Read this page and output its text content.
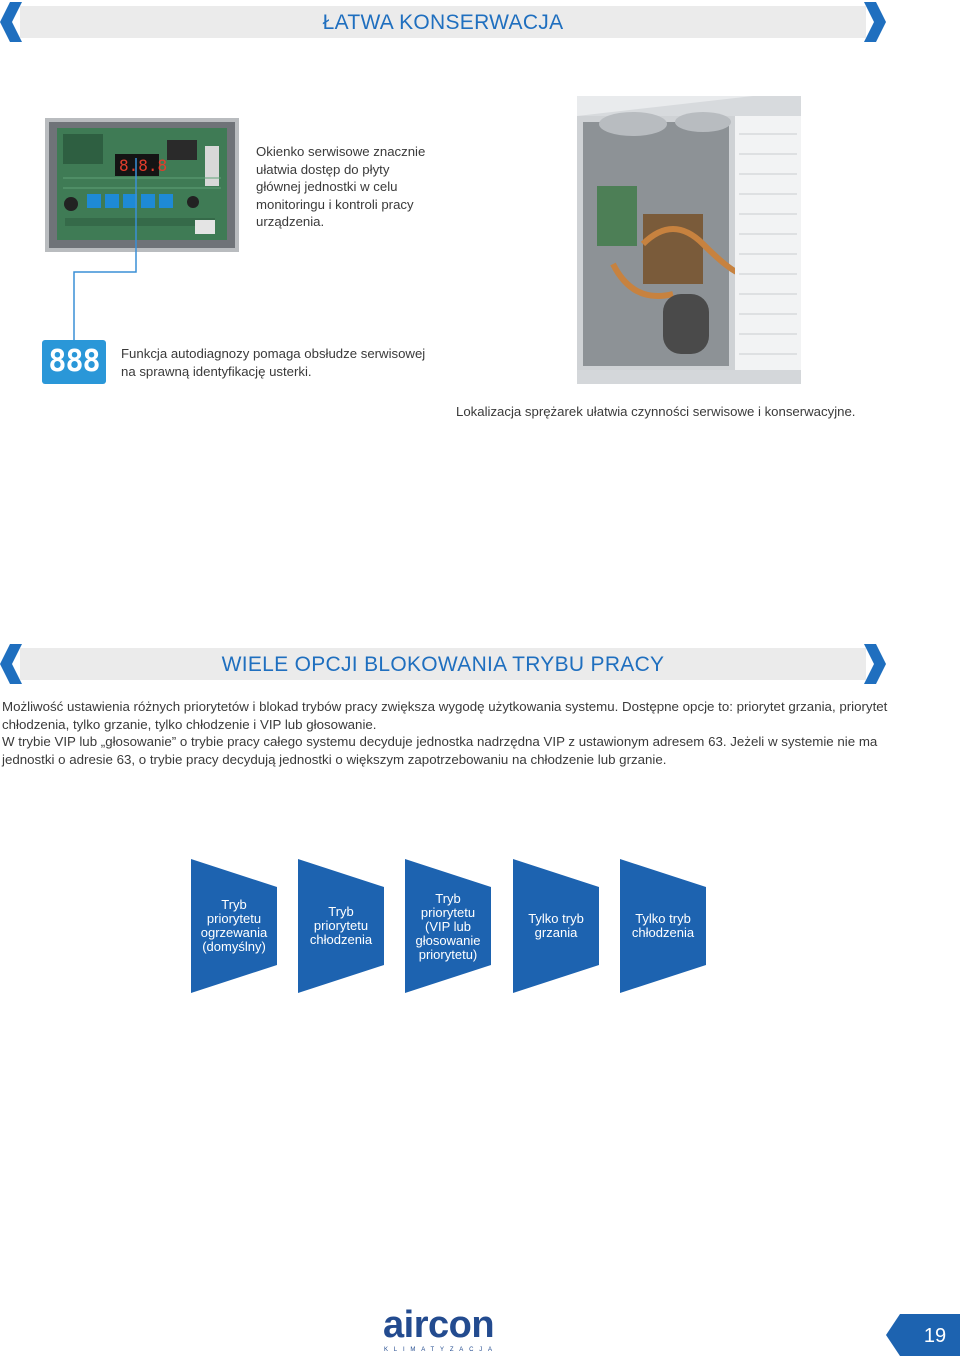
ŁATWA KONSERWACJA
8.8.8
Okienko serwisowe znacznie
ułatwia dostęp do płyty
głównej jednostki w celu
monitoringu i kontroli pracy
urządzenia.
888	Funkcja autodiagnozy pomaga obsłudze serwisowej
na sprawną identyfikację usterki.
Lokalizacja sprężarek ułatwia czynności serwisowe i konserwacyjne.
WIELE OPCJI BLOKOWANIA TRYBU PRACY
Możliwość ustawienia różnych priorytetów i blokad trybów pracy zwiększa wygodę użytkowania systemu. Dostępne opcje to: priorytet grzania, priorytet chłodzenia, tylko grzanie, tylko chłodzenie i VIP lub głosowanie.
W trybie VIP lub „głosowanie” o trybie pracy całego systemu decyduje jednostka nadrzędna VIP z ustawionym adresem 63. Jeżeli w systemie nie ma jednostki o adresie 63, o trybie pracy decydują jednostki o większym zapotrzebowaniu na chłodzenie lub grzanie.
Tryb
priorytetu
ogrzewania
(domyślny)
Tryb
priorytetu
chłodzenia
Tryb
priorytetu
(VIP lub
głosowanie
priorytetu)
Tylko tryb
grzania
Tylko tryb
chłodzenia
aircon
KLIMATYZACJA
19
